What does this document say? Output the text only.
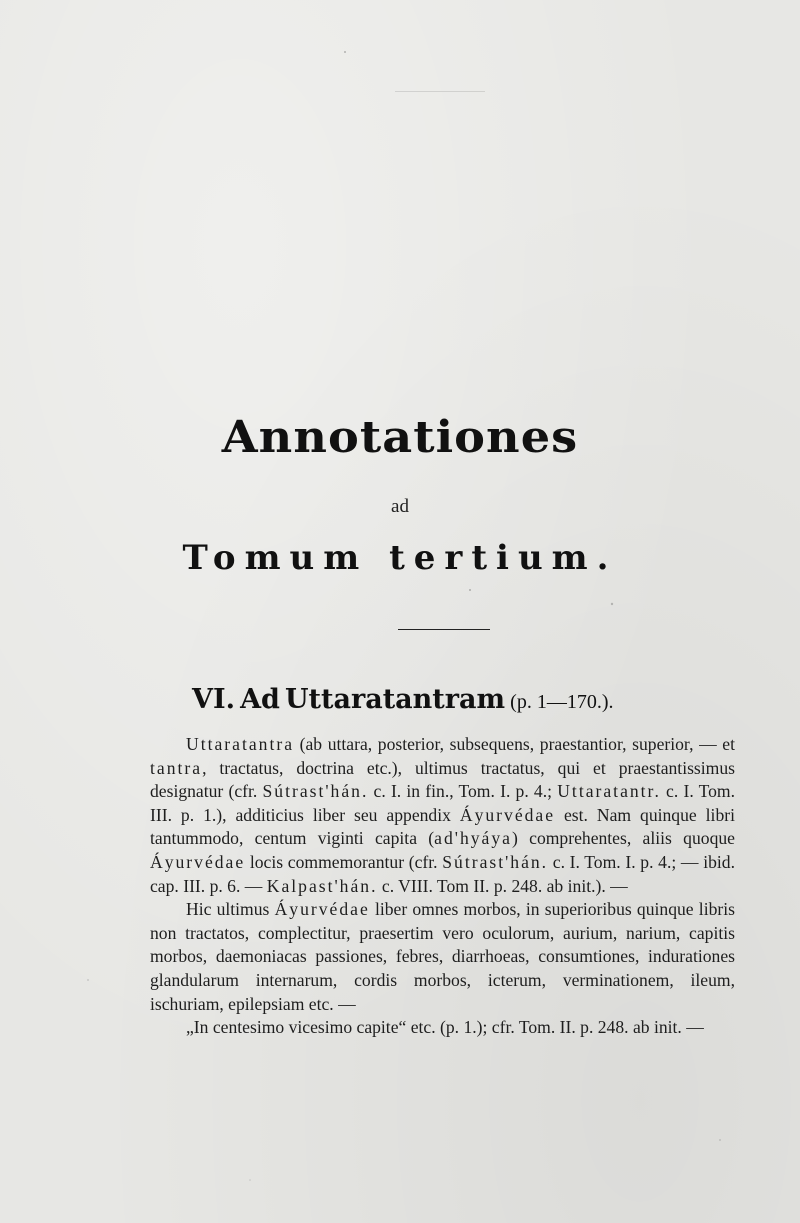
Annotationes
ad
Tomum tertium.
VI. Ad Uttaratantram (p. 1—170.).

Uttaratantra (ab uttara, posterior, subsequens, praestantior, superior, — et tantra, tractatus, doctrina etc.), ultimus tractatus, qui et praestantissimus designatur (cfr. Sútrast'hán. c. I. in fin., Tom. I. p. 4.; Uttaratantr. c. I. Tom. III. p. 1.), additicius liber seu appendix Áyurvédae est. Nam quinque libri tantummodo, centum viginti capita (ad'hyáya) comprehentes, aliis quoque Áyurvédae locis commemorantur (cfr. Sútrast'hán. c. I. Tom. I. p. 4.; — ibid. cap. III. p. 6. — Kalpast'hán. c. VIII. Tom II. p. 248. ab init.). —

Hic ultimus Áyurvédae liber omnes morbos, in superioribus quinque libris non tractatos, complectitur, praesertim vero oculorum, aurium, narium, capitis morbos, daemoniacas passiones, febres, diarrhoeas, consumtiones, indurationes glandularum internarum, cordis morbos, icterum, verminationem, ileum, ischuriam, epilepsiam etc. —

„In centesimo vicesimo capite“ etc. (p. 1.); cfr. Tom. II. p. 248. ab init. —
